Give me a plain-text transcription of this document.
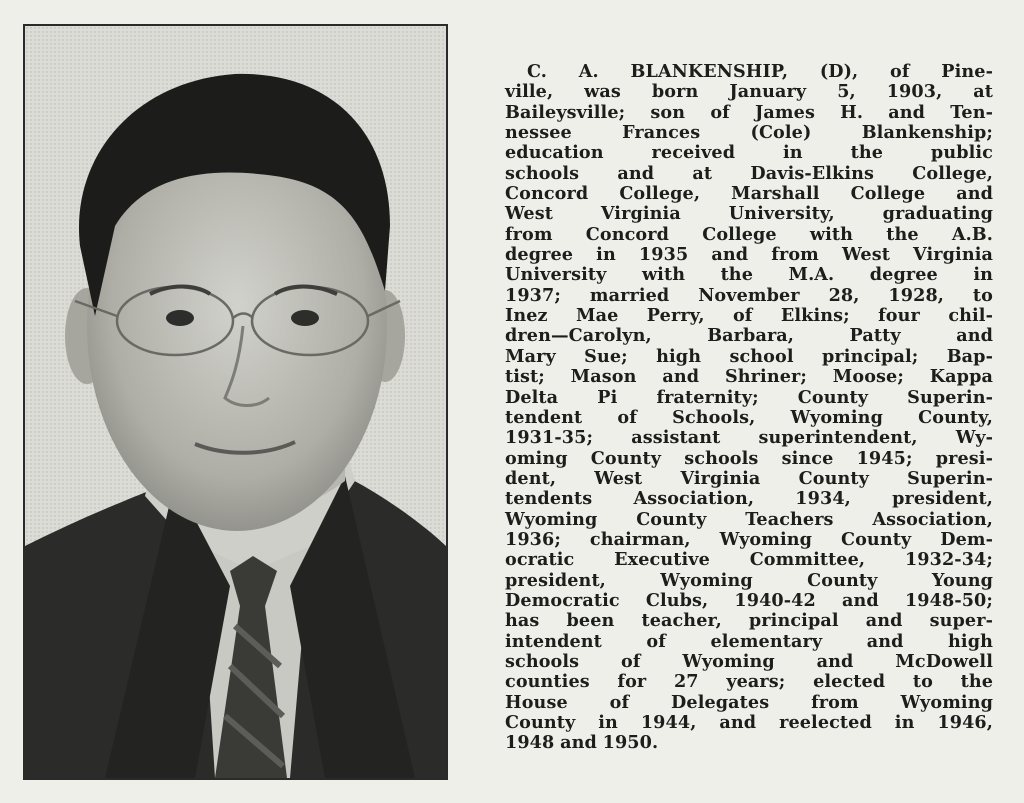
C. A. BLANKENSHIP, (D), of Pine-
ville, was born January 5, 1903, at
Baileysville; son of James H. and Ten-
nessee Frances (Cole) Blankenship;
education received in the public
schools and at Davis-Elkins College,
Concord College, Marshall College and
West Virginia University, graduating
from Concord College with the A.B.
degree in 1935 and from West Virginia
University with the M.A. degree in
1937; married November 28, 1928, to
Inez Mae Perry, of Elkins; four chil-
dren—Carolyn, Barbara, Patty and
Mary Sue; high school principal; Bap-
tist; Mason and Shriner; Moose; Kappa
Delta Pi fraternity; County Superin-
tendent of Schools, Wyoming County,
1931-35; assistant superintendent, Wy-
oming County schools since 1945; presi-
dent, West Virginia County Superin-
tendents Association, 1934, president,
Wyoming County Teachers Association,
1936; chairman, Wyoming County Dem-
ocratic Executive Committee, 1932-34;
president, Wyoming County Young
Democratic Clubs, 1940-42 and 1948-50;
has been teacher, principal and super-
intendent of elementary and high
schools of Wyoming and McDowell
counties for 27 years; elected to the
House of Delegates from Wyoming
County in 1944, and reelected in 1946,
1948 and 1950.
